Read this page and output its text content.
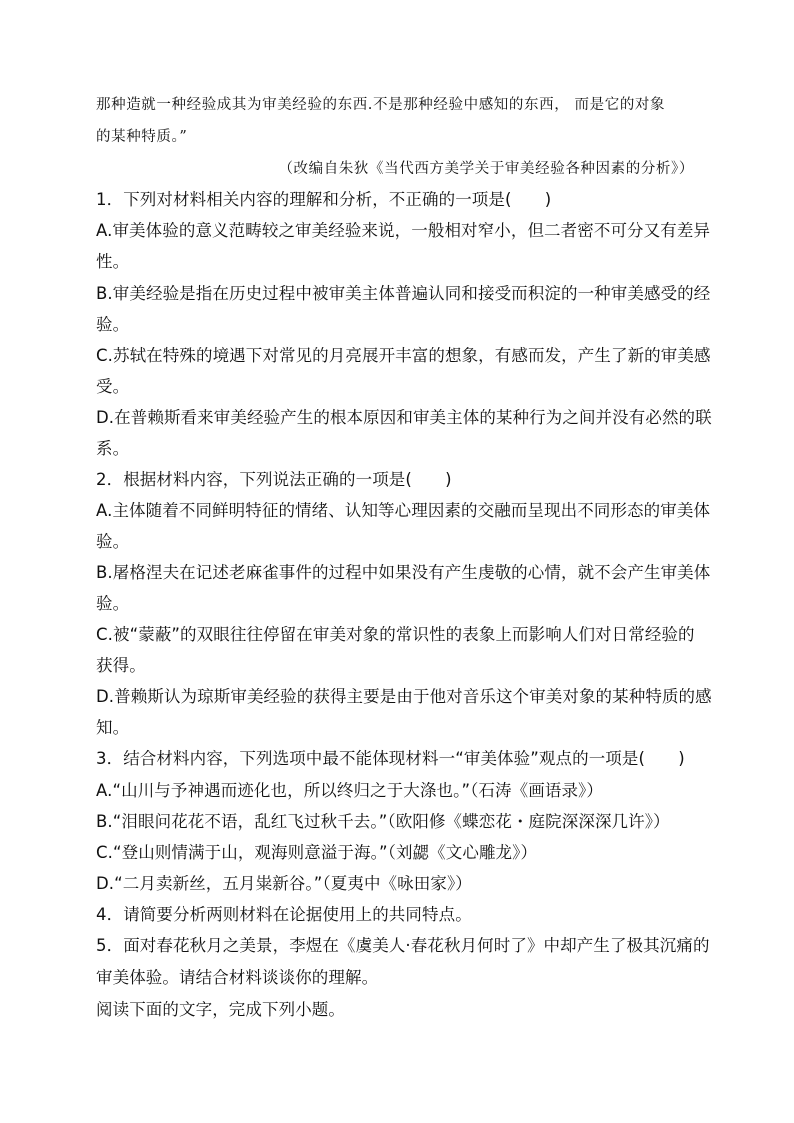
那种造就一种经验成其为审美经验的东西.不是那种经验中感知的东西， 而是它的对象
的某种特质。”
（改编自朱狄《当代西方美学关于审美经验各种因素的分析》）
1．下列对材料相关内容的理解和分析，不正确的一项是(　　)
A.审美体验的意义范畴较之审美经验来说，一般相对窄小，但二者密不可分又有差异
性。
B.审美经验是指在历史过程中被审美主体普遍认同和接受而积淀的一种审美感受的经
验。
C.苏轼在特殊的境遇下对常见的月亮展开丰富的想象，有感而发，产生了新的审美感
受。
D.在普赖斯看来审美经验产生的根本原因和审美主体的某种行为之间并没有必然的联
系。
2．根据材料内容，下列说法正确的一项是(　　)
A.主体随着不同鲜明特征的情绪、认知等心理因素的交融而呈现出不同形态的审美体
验。
B.屠格涅夫在记述老麻雀事件的过程中如果没有产生虔敬的心情，就不会产生审美体
验。
C.被“蒙蔽”的双眼往往停留在审美对象的常识性的表象上而影响人们对日常经验的
获得。
D.普赖斯认为琼斯审美经验的获得主要是由于他对音乐这个审美对象的某种特质的感
知。
3．结合材料内容，下列选项中最不能体现材料一“审美体验”观点的一项是(　　)
A.“山川与予神遇而迹化也，所以终归之于大涤也。”（石涛《画语录》）
B.“泪眼问花花不语，乱红飞过秋千去。”（欧阳修《蝶恋花・庭院深深深几许》）
C.“登山则情满于山，观海则意溢于海。”（刘勰《文心雕龙》）
D.“二月卖新丝，五月粜新谷。”（夏夷中《咏田家》）
4．请简要分析两则材料在论据使用上的共同特点。
5．面对春花秋月之美景，李煜在《虞美人·春花秋月何时了》中却产生了极其沉痛的
审美体验。请结合材料谈谈你的理解。
阅读下面的文字，完成下列小题。
